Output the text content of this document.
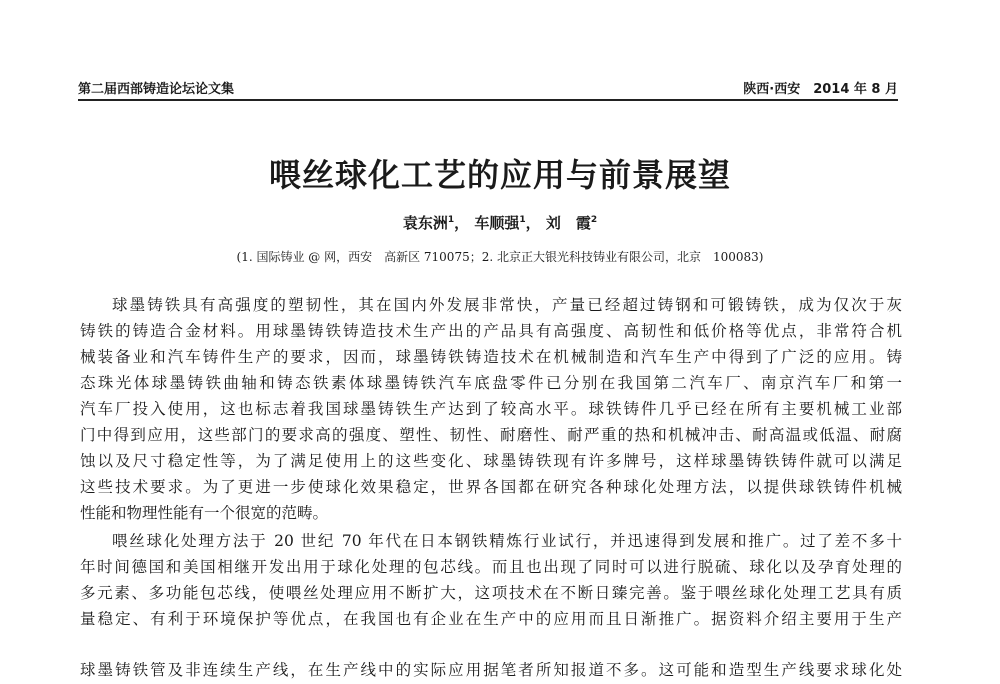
第二届西部铸造论坛论文集	陕西·西安　2014 年 8 月
喂丝球化工艺的应用与前景展望
袁东洲$^1$， 车顺强$^1$， 刘　霞$^2$
(1. 国际铸业 @ 网，西安　高新区 710075；2. 北京正大银光科技铸业有限公司，北京　100083)
球墨铸铁具有高强度的塑韧性，其在国内外发展非常快，产量已经超过铸钢和可锻铸铁，成为仅次于灰
铸铁的铸造合金材料。用球墨铸铁铸造技术生产出的产品具有高强度、高韧性和低价格等优点，非常符合机
械装备业和汽车铸件生产的要求，因而，球墨铸铁铸造技术在机械制造和汽车生产中得到了广泛的应用。铸
态珠光体球墨铸铁曲轴和铸态铁素体球墨铸铁汽车底盘零件已分别在我国第二汽车厂、南京汽车厂和第一
汽车厂投入使用，这也标志着我国球墨铸铁生产达到了较高水平。球铁铸件几乎已经在所有主要机械工业部
门中得到应用，这些部门的要求高的强度、塑性、韧性、耐磨性、耐严重的热和机械冲击、耐高温或低温、耐腐
蚀以及尺寸稳定性等，为了满足使用上的这些变化、球墨铸铁现有许多牌号，这样球墨铸铁铸件就可以满足
这些技术要求。为了更进一步使球化效果稳定，世界各国都在研究各种球化处理方法，以提供球铁铸件机械
性能和物理性能有一个很宽的范畴。
喂丝球化处理方法于 20 世纪 70 年代在日本钢铁精炼行业试行，并迅速得到发展和推广。过了差不多十
年时间德国和美国相继开发出用于球化处理的包芯线。而且也出现了同时可以进行脱硫、球化以及孕育处理的
多元素、多功能包芯线，使喂丝处理应用不断扩大，这项技术在不断日臻完善。鉴于喂丝球化处理工艺具有质
量稳定、有利于环境保护等优点，在我国也有企业在生产中的应用而且日渐推广。据资料介绍主要用于生产
球墨铸铁管及非连续生产线，在生产线中的实际应用据笔者所知报道不多。这可能和造型生产线要求球化处
